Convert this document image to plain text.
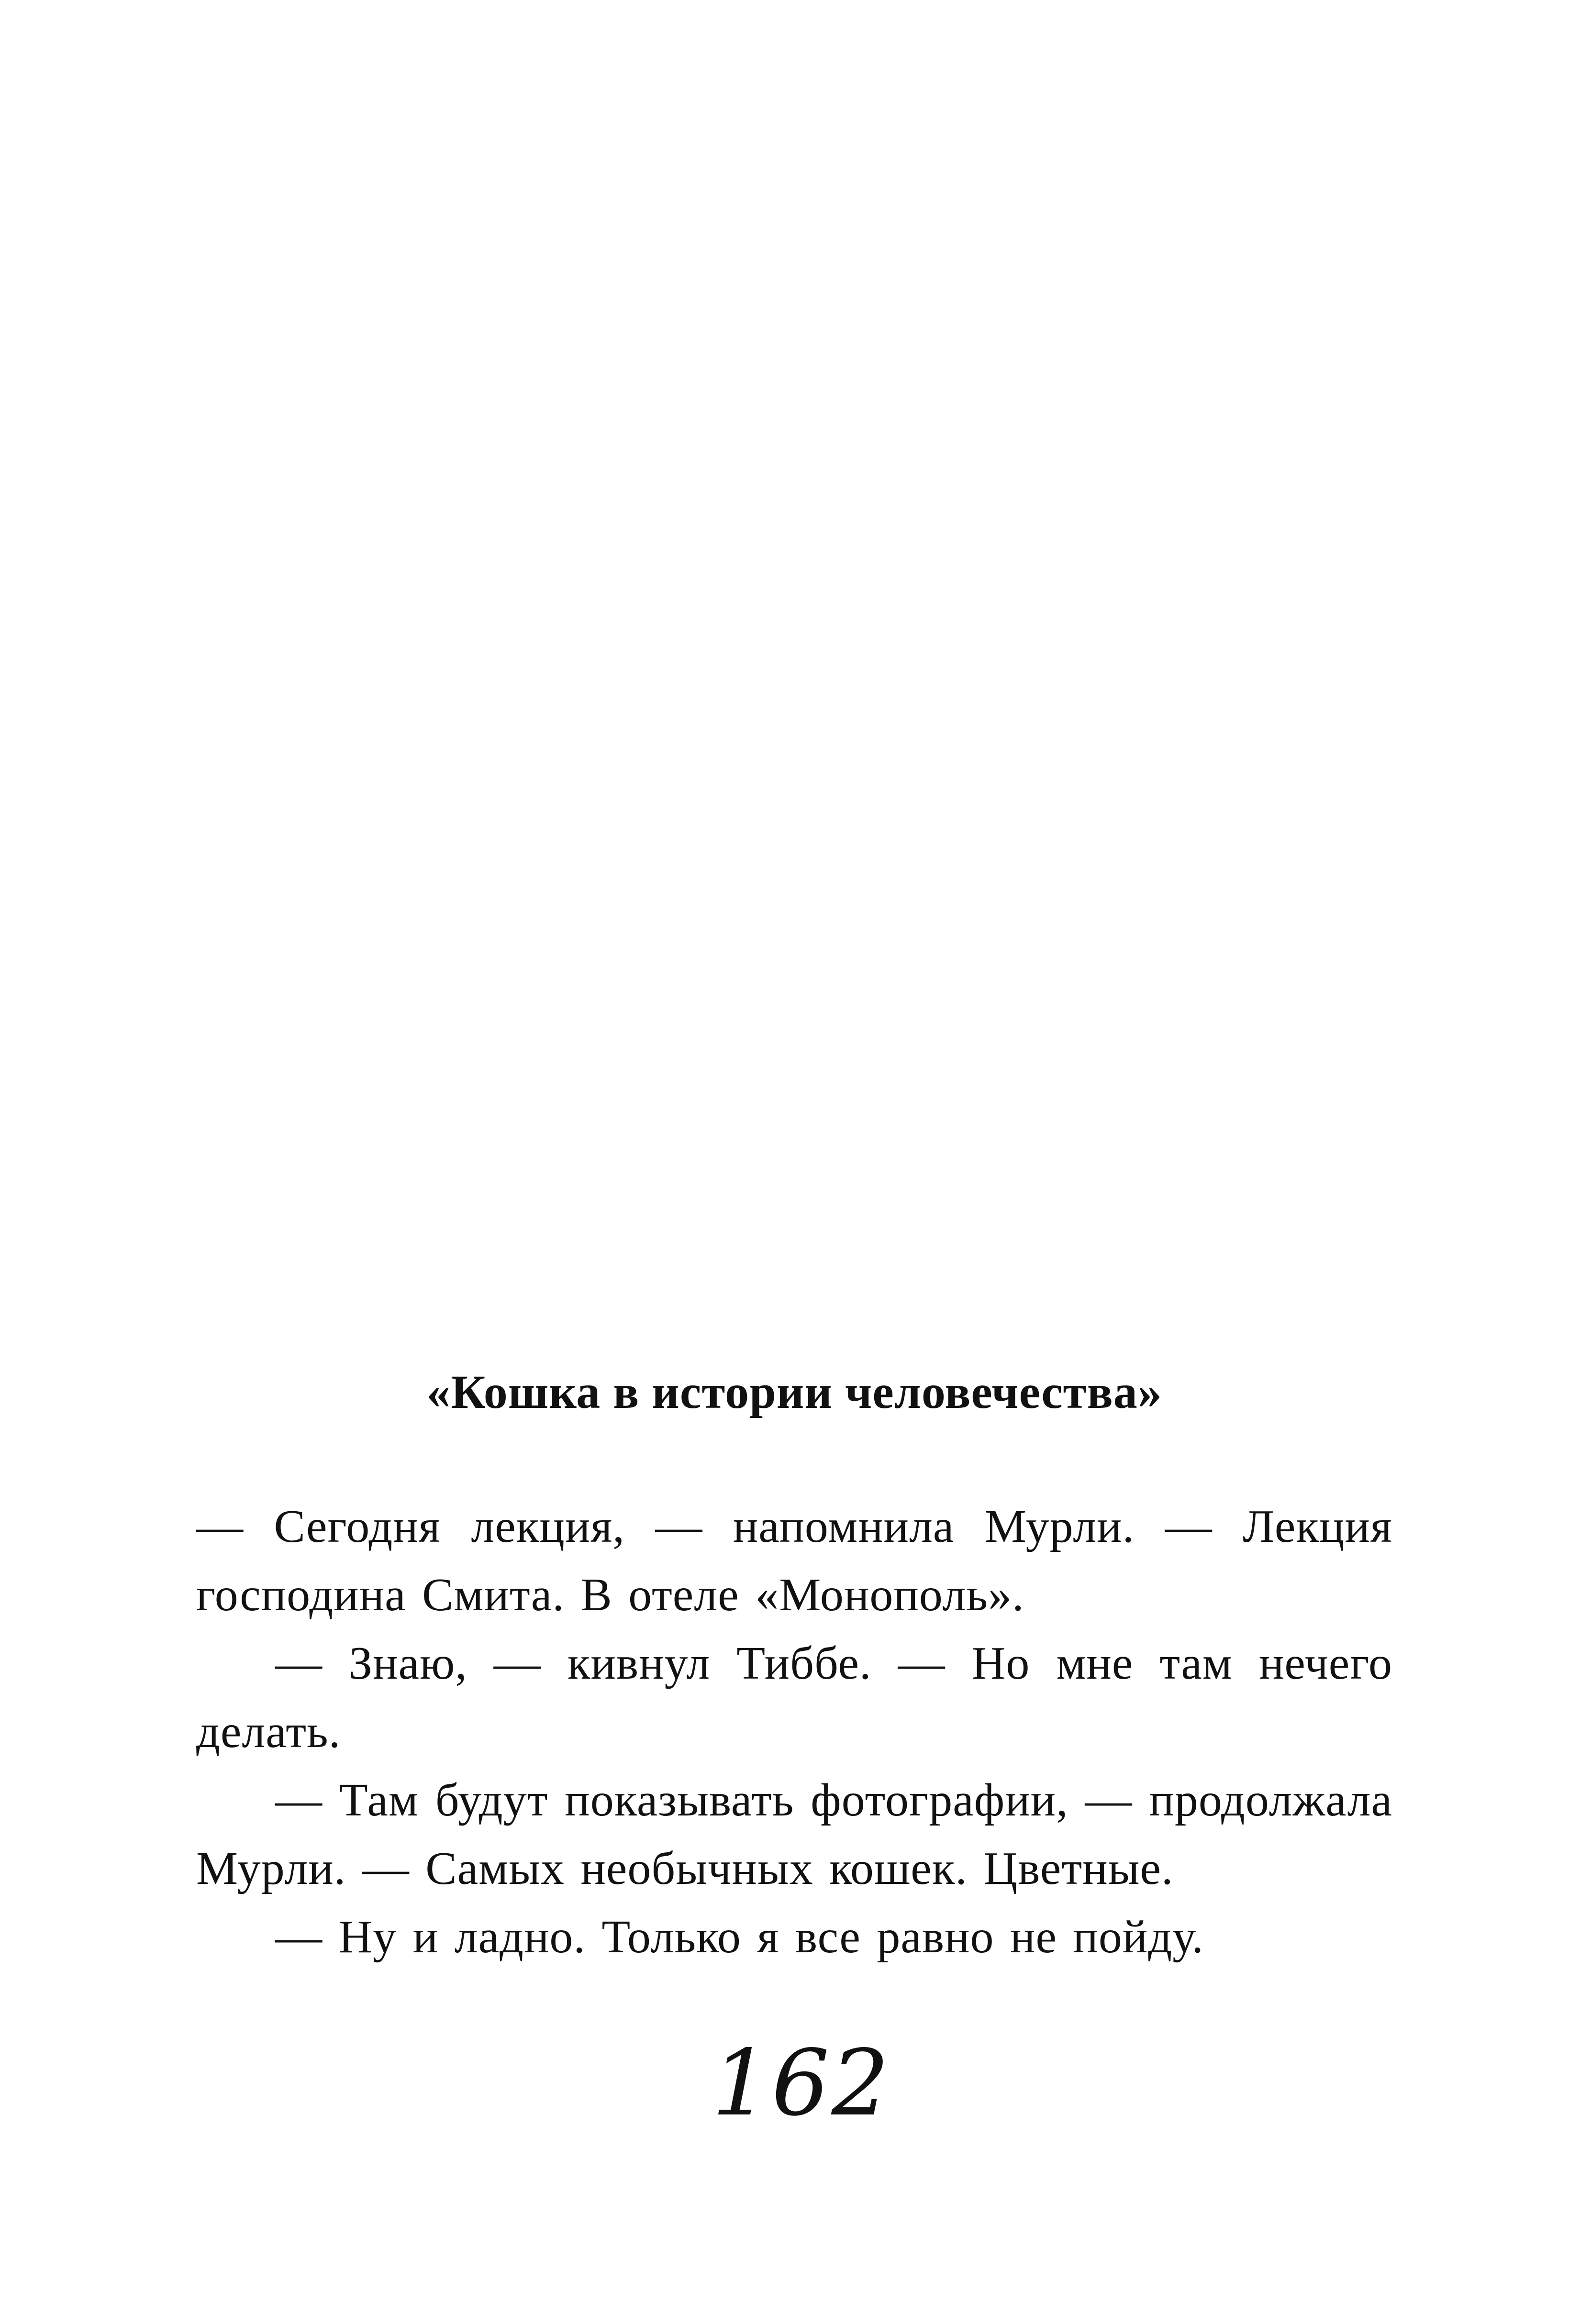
«Кошка в истории человечества»

— Сегодня лекция, — напомнила Мурли. — Лекция господина Смита. В отеле «Монополь».

— Знаю, — кивнул Тиббе. — Но мне там нечего делать.

— Там будут показывать фотографии, — продолжала Мурли. — Самых необычных кошек. Цветные.

— Ну и ладно. Только я все равно не пойду.

162
